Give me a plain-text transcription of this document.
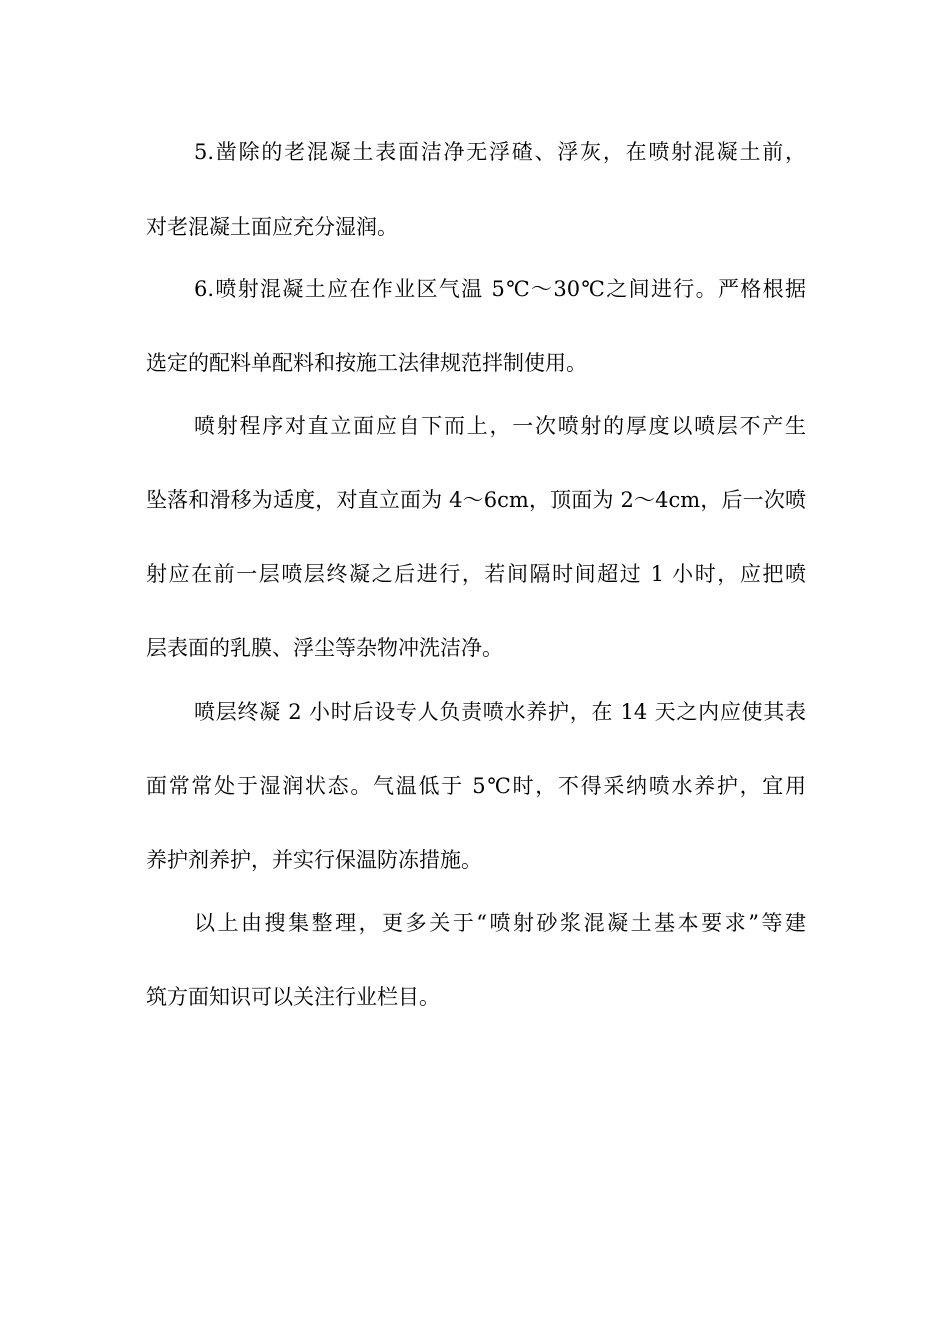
5.凿除的老混凝土表面洁净无浮碴、浮灰，在喷射混凝土前，
对老混凝土面应充分湿润。
6.喷射混凝土应在作业区气温 5℃～30℃之间进行。严格根据
选定的配料单配料和按施工法律规范拌制使用。
喷射程序对直立面应自下而上，一次喷射的厚度以喷层不产生
坠落和滑移为适度，对直立面为 4～6cm，顶面为 2～4cm，后一次喷
射应在前一层喷层终凝之后进行，若间隔时间超过 1 小时，应把喷
层表面的乳膜、浮尘等杂物冲洗洁净。
喷层终凝 2 小时后设专人负责喷水养护，在 14 天之内应使其表
面常常处于湿润状态。气温低于 5℃时，不得采纳喷水养护，宜用
养护剂养护，并实行保温防冻措施。
以上由搜集整理，更多关于“喷射砂浆混凝土基本要求”等建
筑方面知识可以关注行业栏目。
